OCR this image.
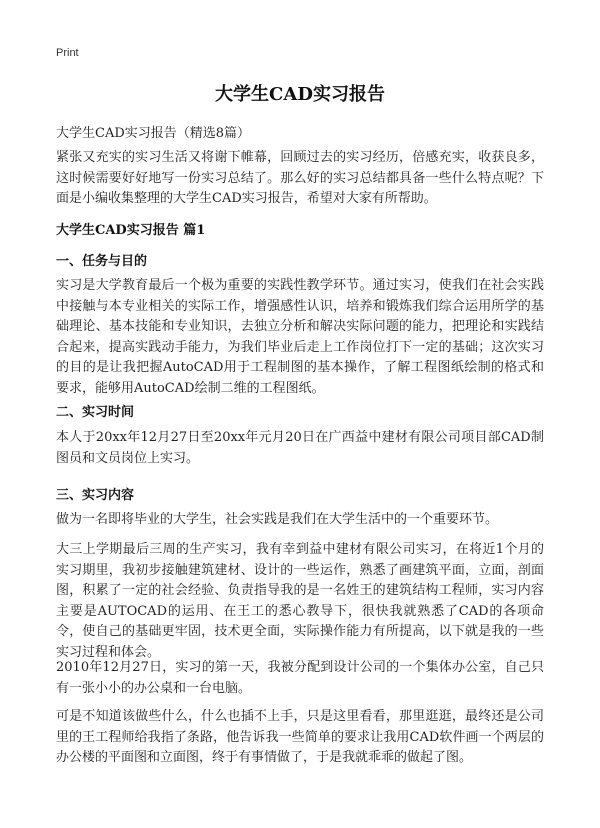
Print
大学生CAD实习报告
大学生CAD实习报告（精选8篇）

紧张又充实的实习生活又将谢下帷幕，回顾过去的实习经历，倍感充实，收获良多，这时候需要好好地写一份实习总结了。那么好的实习总结都具备一些什么特点呢？下面是小编收集整理的大学生CAD实习报告，希望对大家有所帮助。

大学生CAD实习报告 篇1
一、任务与目的

实习是大学教育最后一个极为重要的实践性教学环节。通过实习，使我们在社会实践中接触与本专业相关的实际工作，增强感性认识，培养和锻炼我们综合运用所学的基础理论、基本技能和专业知识，去独立分析和解决实际问题的能力，把理论和实践结合起来，提高实践动手能力，为我们毕业后走上工作岗位打下一定的基础；这次实习的目的是让我把握AutoCAD用于工程制图的基本操作，了解工程图纸绘制的格式和要求，能够用AutoCAD绘制二维的工程图纸。

二、实习时间

本人于20xx年12月27日至20xx年元月20日在广西益中建材有限公司项目部CAD制图员和文员岗位上实习。

三、实习内容

做为一名即将毕业的大学生，社会实践是我们在大学生活中的一个重要环节。

大三上学期最后三周的生产实习，我有幸到益中建材有限公司实习，在将近1个月的实习期里，我初步接触建筑建材、设计的一些运作，熟悉了画建筑平面，立面，剖面图，积累了一定的社会经验、负责指导我的是一名姓王的建筑结构工程师，实习内容主要是AUTOCAD的运用、在王工的悉心教导下，很快我就熟悉了CAD的各项命令，使自己的基础更牢固，技术更全面，实际操作能力有所提高，以下就是我的一些实习过程和体会。

2010年12月27日，实习的第一天，我被分配到设计公司的一个集体办公室，自己只有一张小小的办公桌和一台电脑。

可是不知道该做些什么，什么也插不上手，只是这里看看，那里逛逛，最终还是公司里的王工程师给我指了条路，他告诉我一些简单的要求让我用CAD软件画一个两层的办公楼的平面图和立面图，终于有事情做了，于是我就乖乖的做起了图。
